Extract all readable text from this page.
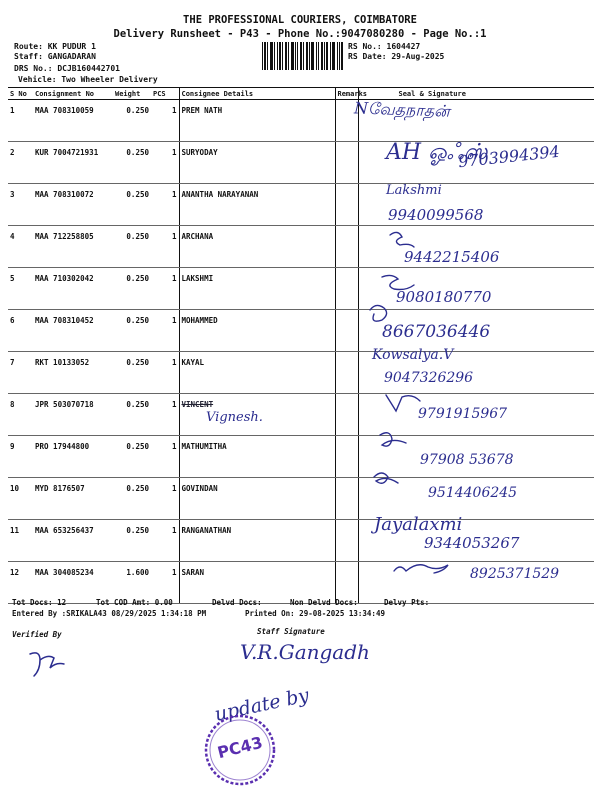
THE PROFESSIONAL COURIERS, COIMBATORE
Delivery Runsheet - P43 - Phone No.:9047080280 - Page No.:1
Route: KK PUDUR 1
Staff: GANGADARAN
DRS No.: DCJB160442701
Vehicle: Two Wheeler Delivery
RS No.: 1604427
RS Date: 29-Aug-2025
S No	Consignment No	Weight	PCS	Consignee Details	Remarks	Seal & Signature
1	MAA 708310059	0.250	1	PREM NATH		
2	KUR 7004721931	0.250	1	SURYODAY		
3	MAA 708310072	0.250	1	ANANTHA NARAYANAN		
4	MAA 712258805	0.250	1	ARCHANA		
5	MAA 710302042	0.250	1	LAKSHMI		
6	MAA 708310452	0.250	1	MOHAMMED		
7	RKT 10133052	0.250	1	KAYAL		
8	JPR 503070718	0.250	1	VINCENT		
9	PRO 17944800	0.250	1	MATHUMITHA		
10	MYD 8176507	0.250	1	GOVINDAN		
11	MAA 653256437	0.250	1	RANGANATHAN		
12	MAA 304085234	1.600	1	SARAN		
Nவேதநாதன்
AH ஓஃஸ்
9703994394
Lakshmi
9940099568
9442215406
9080180770
8667036446
Kowsalya.V
9047326296
Vignesh.	9791915967
97908 53678
9514406245
Jayalaxmi
9344053267
8925371529
Tot Docs: 12	Tot COD Amt: 0.00	Delvd Docs:	Non Delvd Docs:	Delvy Pts:
Entered By :SRIKALA43 08/29/2025 1:34:18 PM	Printed On: 29-08-2025 13:34:49
Verified By	Staff Signature
V.R.Gangadh
update by
PC43
